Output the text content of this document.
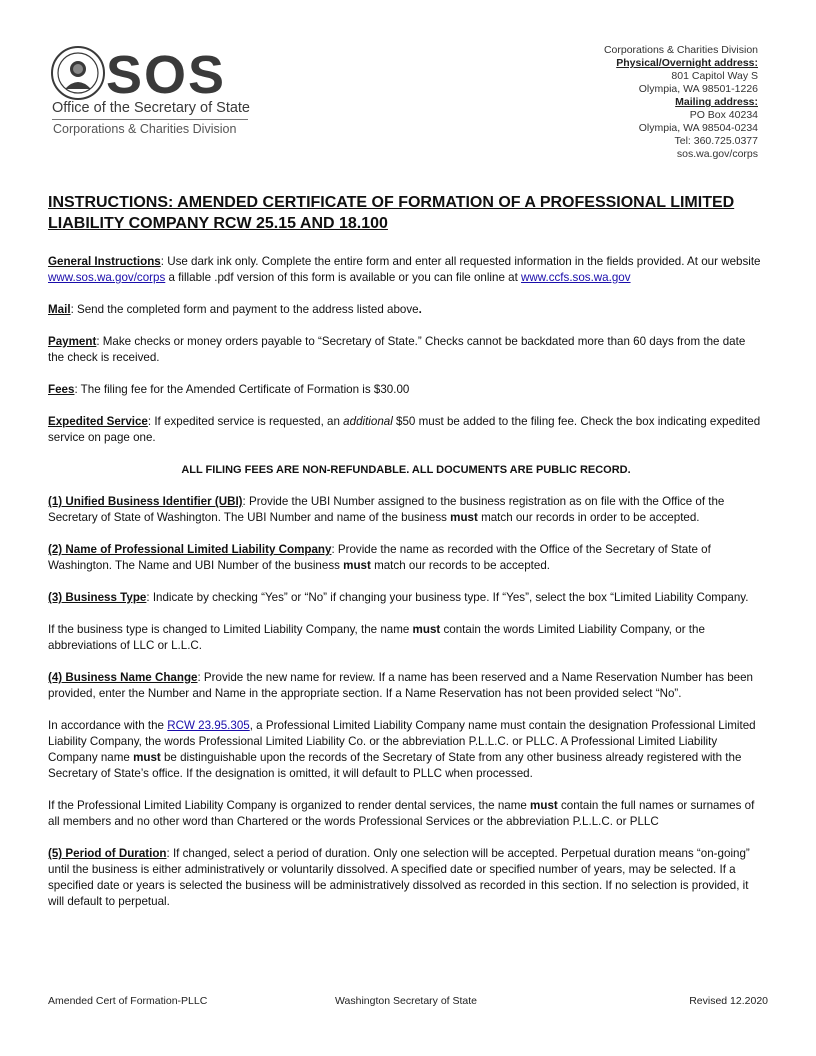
SOS
Office of the Secretary of State
Corporations & Charities Division
Corporations & Charities Division
Physical/Overnight address:
801 Capitol Way S
Olympia, WA 98501-1226
Mailing address:
PO Box 40234
Olympia, WA 98504-0234
Tel: 360.725.0377
sos.wa.gov/corps
INSTRUCTIONS: AMENDED CERTIFICATE OF FORMATION OF A PROFESSIONAL LIMITED LIABILITY COMPANY RCW 25.15 AND 18.100

General Instructions: Use dark ink only. Complete the entire form and enter all requested information in the fields provided. At our website www.sos.wa.gov/corps a fillable .pdf version of this form is available or you can file online at www.ccfs.sos.wa.gov

Mail: Send the completed form and payment to the address listed above.

Payment: Make checks or money orders payable to “Secretary of State.” Checks cannot be backdated more than 60 days from the date the check is received.

Fees: The filing fee for the Amended Certificate of Formation is $30.00

Expedited Service: If expedited service is requested, an additional $50 must be added to the filing fee. Check the box indicating expedited service on page one.

ALL FILING FEES ARE NON-REFUNDABLE. ALL DOCUMENTS ARE PUBLIC RECORD.

(1) Unified Business Identifier (UBI): Provide the UBI Number assigned to the business registration as on file with the Office of the Secretary of State of Washington. The UBI Number and name of the business must match our records in order to be accepted.

(2) Name of Professional Limited Liability Company: Provide the name as recorded with the Office of the Secretary of State of Washington. The Name and UBI Number of the business must match our records to be accepted.

(3) Business Type: Indicate by checking “Yes” or “No” if changing your business type. If “Yes”, select the box “Limited Liability Company.

If the business type is changed to Limited Liability Company, the name must contain the words Limited Liability Company, or the abbreviations of LLC or L.L.C.

(4) Business Name Change: Provide the new name for review. If a name has been reserved and a Name Reservation Number has been provided, enter the Number and Name in the appropriate section. If a Name Reservation has not been provided select “No”.

In accordance with the RCW 23.95.305, a Professional Limited Liability Company name must contain the designation Professional Limited Liability Company, the words Professional Limited Liability Co. or the abbreviation P.L.L.C. or PLLC. A Professional Limited Liability Company name must be distinguishable upon the records of the Secretary of State from any other business already registered with the Secretary of State’s office. If the designation is omitted, it will default to PLLC when processed.

If the Professional Limited Liability Company is organized to render dental services, the name must contain the full names or surnames of all members and no other word than Chartered or the words Professional Services or the abbreviation P.L.L.C. or PLLC

(5) Period of Duration: If changed, select a period of duration. Only one selection will be accepted. Perpetual duration means “on-going” until the business is either administratively or voluntarily dissolved. A specified date or specified number of years, may be selected. If a specified date or years is selected the business will be administratively dissolved as recorded in this section. If no selection is provided, it will default to perpetual.

Amended Cert of Formation-PLLC	Washington Secretary of State	Revised 12.2020
